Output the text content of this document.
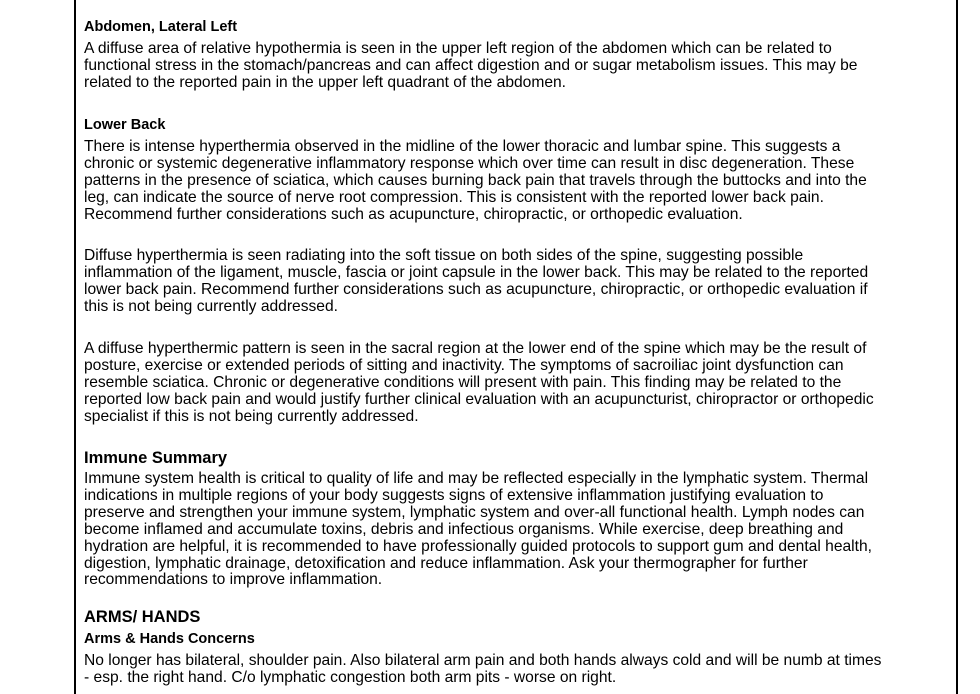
Abdomen, Lateral Left
A diffuse area of relative hypothermia is seen in the upper left region of the abdomen which can be related to
functional stress in the stomach/pancreas and can affect digestion and or sugar metabolism issues. This may be
related to the reported pain in the upper left quadrant of the abdomen.
Lower Back
There is intense hyperthermia observed in the midline of the lower thoracic and lumbar spine. This suggests a
chronic or systemic degenerative inflammatory response which over time can result in disc degeneration. These
patterns in the presence of sciatica, which causes burning back pain that travels through the buttocks and into the
leg, can indicate the source of nerve root compression. This is consistent with the reported lower back pain.
Recommend further considerations such as acupuncture, chiropractic, or orthopedic evaluation.
Diffuse hyperthermia is seen radiating into the soft tissue on both sides of the spine, suggesting possible
inflammation of the ligament, muscle, fascia or joint capsule in the lower back. This may be related to the reported
lower back pain. Recommend further considerations such as acupuncture, chiropractic, or orthopedic evaluation if
this is not being currently addressed.
A diffuse hyperthermic pattern is seen in the sacral region at the lower end of the spine which may be the result of
posture, exercise or extended periods of sitting and inactivity. The symptoms of sacroiliac joint dysfunction can
resemble sciatica. Chronic or degenerative conditions will present with pain. This finding may be related to the
reported low back pain and would justify further clinical evaluation with an acupuncturist, chiropractor or orthopedic
specialist if this is not being currently addressed.
Immune Summary
Immune system health is critical to quality of life and may be reflected especially in the lymphatic system. Thermal
indications in multiple regions of your body suggests signs of extensive inflammation justifying evaluation to
preserve and strengthen your immune system, lymphatic system and over-all functional health. Lymph nodes can
become inflamed and accumulate toxins, debris and infectious organisms. While exercise, deep breathing and
hydration are helpful, it is recommended to have professionally guided protocols to support gum and dental health,
digestion, lymphatic drainage, detoxification and reduce inflammation. Ask your thermographer for further
recommendations to improve inflammation.
ARMS/ HANDS
Arms & Hands Concerns
No longer has bilateral, shoulder pain. Also bilateral arm pain and both hands always cold and will be numb at times
- esp. the right hand. C/o lymphatic congestion both arm pits - worse on right.
